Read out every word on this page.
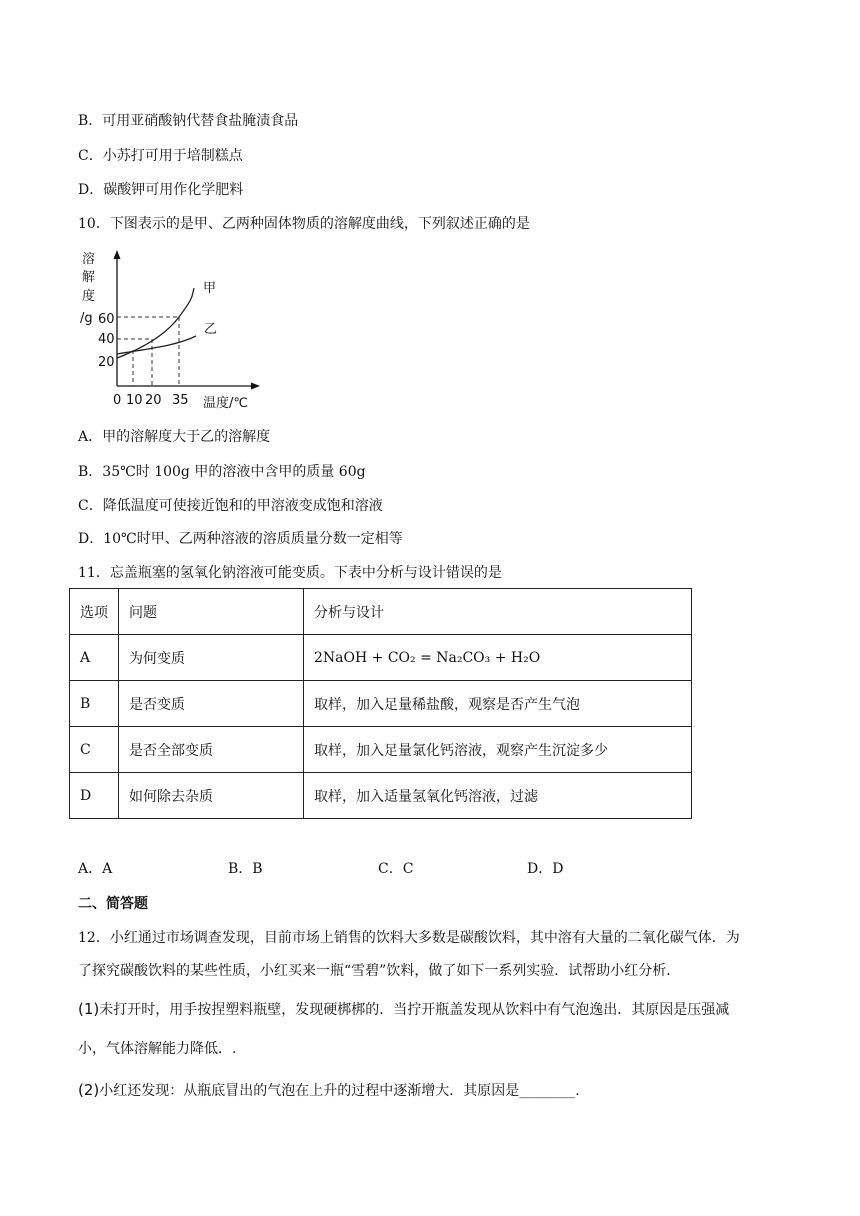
B．可用亚硝酸钠代替食盐腌渍食品
C．小苏打可用于培制糕点
D．碳酸钾可用作化学肥料
10．下图表示的是甲、乙两种固体物质的溶解度曲线，下列叙述正确的是
溶
解
度
/g 60
40
20
甲
乙
0 10 20 35 温度/℃
A．甲的溶解度大于乙的溶解度
B．35℃时 100g 甲的溶液中含甲的质量 60g
C．降低温度可使接近饱和的甲溶液变成饱和溶液
D．10℃时甲、乙两种溶液的溶质质量分数一定相等
11．忘盖瓶塞的氢氧化钠溶液可能变质。下表中分析与设计错误的是
选项	问题	分析与设计
A	为何变质	2NaOH + CO₂ = Na₂CO₃ + H₂O
B	是否变质	取样，加入足量稀盐酸，观察是否产生气泡
C	是否全部变质	取样，加入足量氯化钙溶液，观察产生沉淀多少
D	如何除去杂质	取样，加入适量氢氧化钙溶液，过滤
A．A	B．B	C．C	D．D
二、简答题
12．小红通过市场调查发现，目前市场上销售的饮料大多数是碳酸饮料，其中溶有大量的二氧化碳气体．为
了探究碳酸饮料的某些性质，小红买来一瓶“雪碧”饮料，做了如下一系列实验．试帮助小红分析．
(1)未打开时，用手按捏塑料瓶壁，发现硬梆梆的．当拧开瓶盖发现从饮料中有气泡逸出．其原因是压强减
小，气体溶解能力降低．.
(2)小红还发现：从瓶底冒出的气泡在上升的过程中逐渐增大．其原因是________.
